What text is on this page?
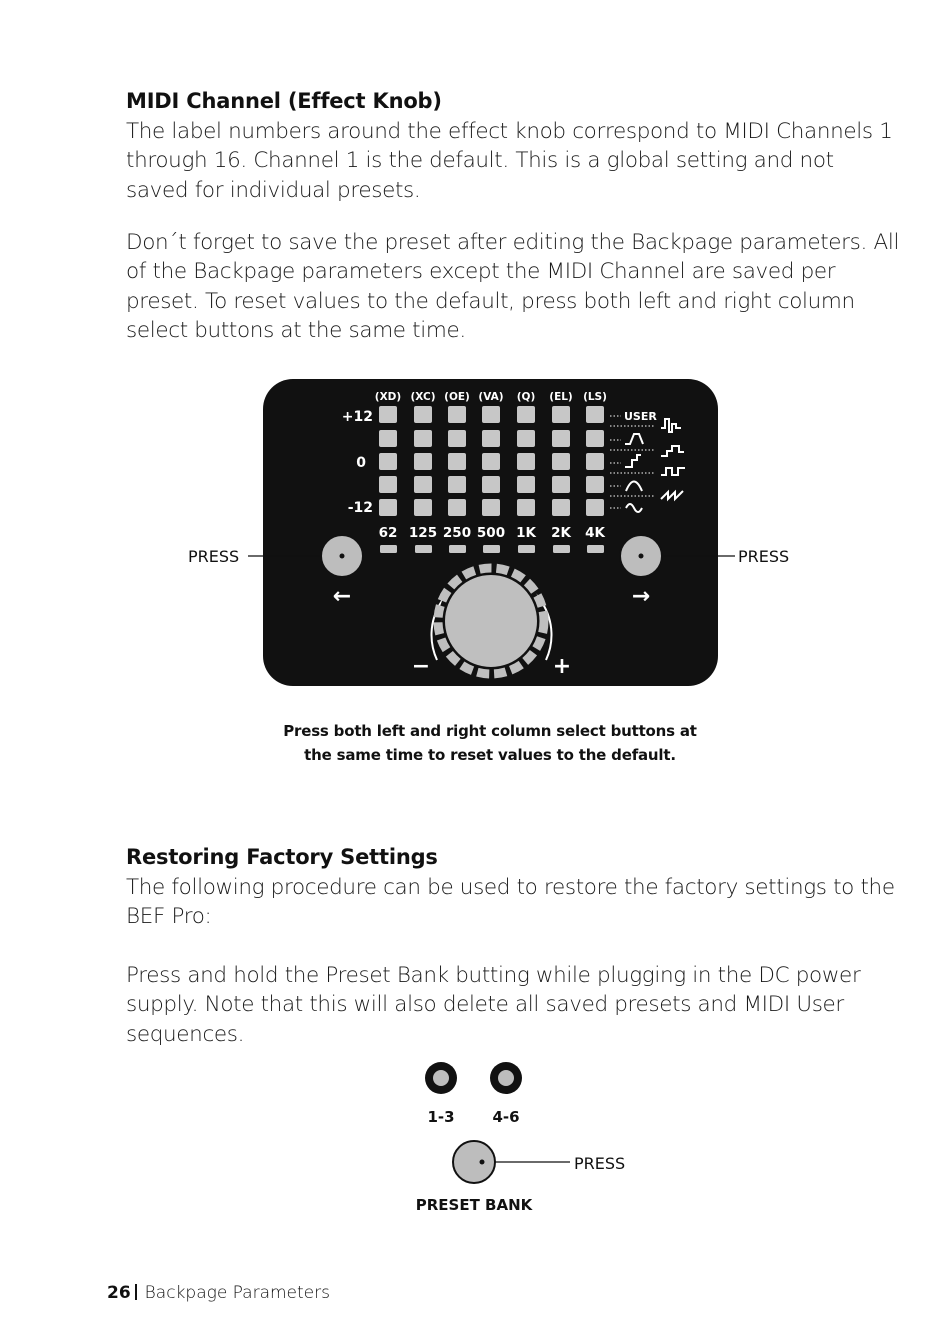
MIDI Channel (Effect Knob)

The label numbers around the effect knob correspond to MIDI Channels 1 through 16. Channel 1 is the default. This is a global setting and not saved for individual presets.

Don´t forget to save the preset after editing the Backpage parameters. All of the Backpage parameters except the MIDI Channel are saved per preset. To reset values to the default, press both left and right column select buttons at the same time.

(XD) (XC) (OE) (VA) (Q) (EL) (LS)
+12
0
-12
62 125 250 500 1K 2K 4K
USER
PRESS
←
PRESS
→
−	+

Press both left and right column select buttons at the same time to reset values to the default.

Restoring Factory Settings

The following procedure can be used to restore the factory settings to the BEF Pro:

Press and hold the Preset Bank butting while plugging in the DC power supply. Note that this will also delete all saved presets and MIDI User sequences.

1-3	4-6
PRESS
PRESET BANK
26 Backpage Parameters
